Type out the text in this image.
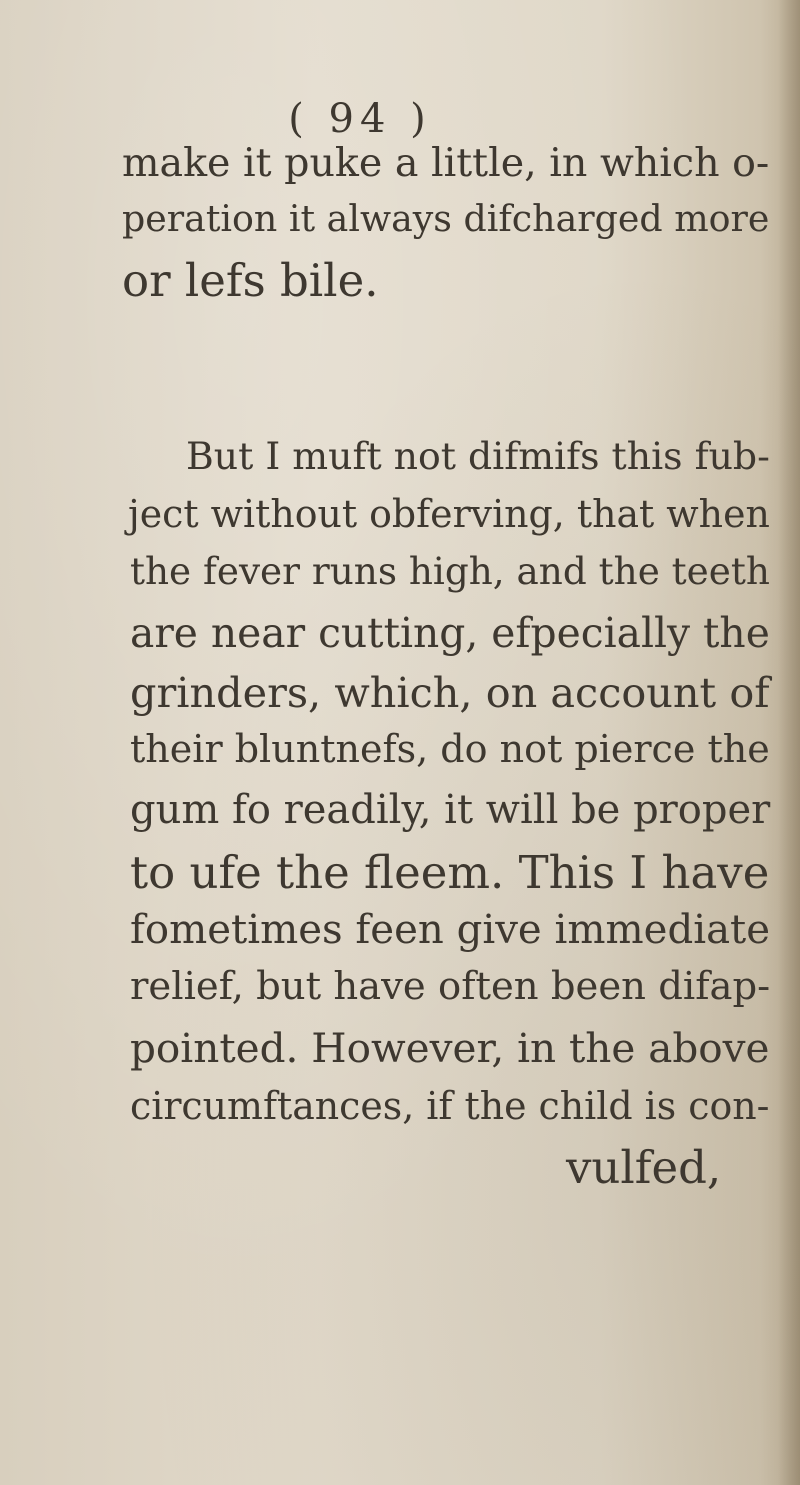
( 94 )
make it puke a little, in which o-
peration it always difcharged more
or lefs bile.
But I muft not difmifs this fub-
ject without obferving, that when
the fever runs high, and the teeth
are near cutting, efpecially the
grinders, which, on account of
their bluntnefs, do not pierce the
gum fo readily, it will be proper
to ufe the fleem. This I have
fometimes feen give immediate
relief, but have often been difap-
pointed. However, in the above
circumftances, if the child is con-
vulfed,
